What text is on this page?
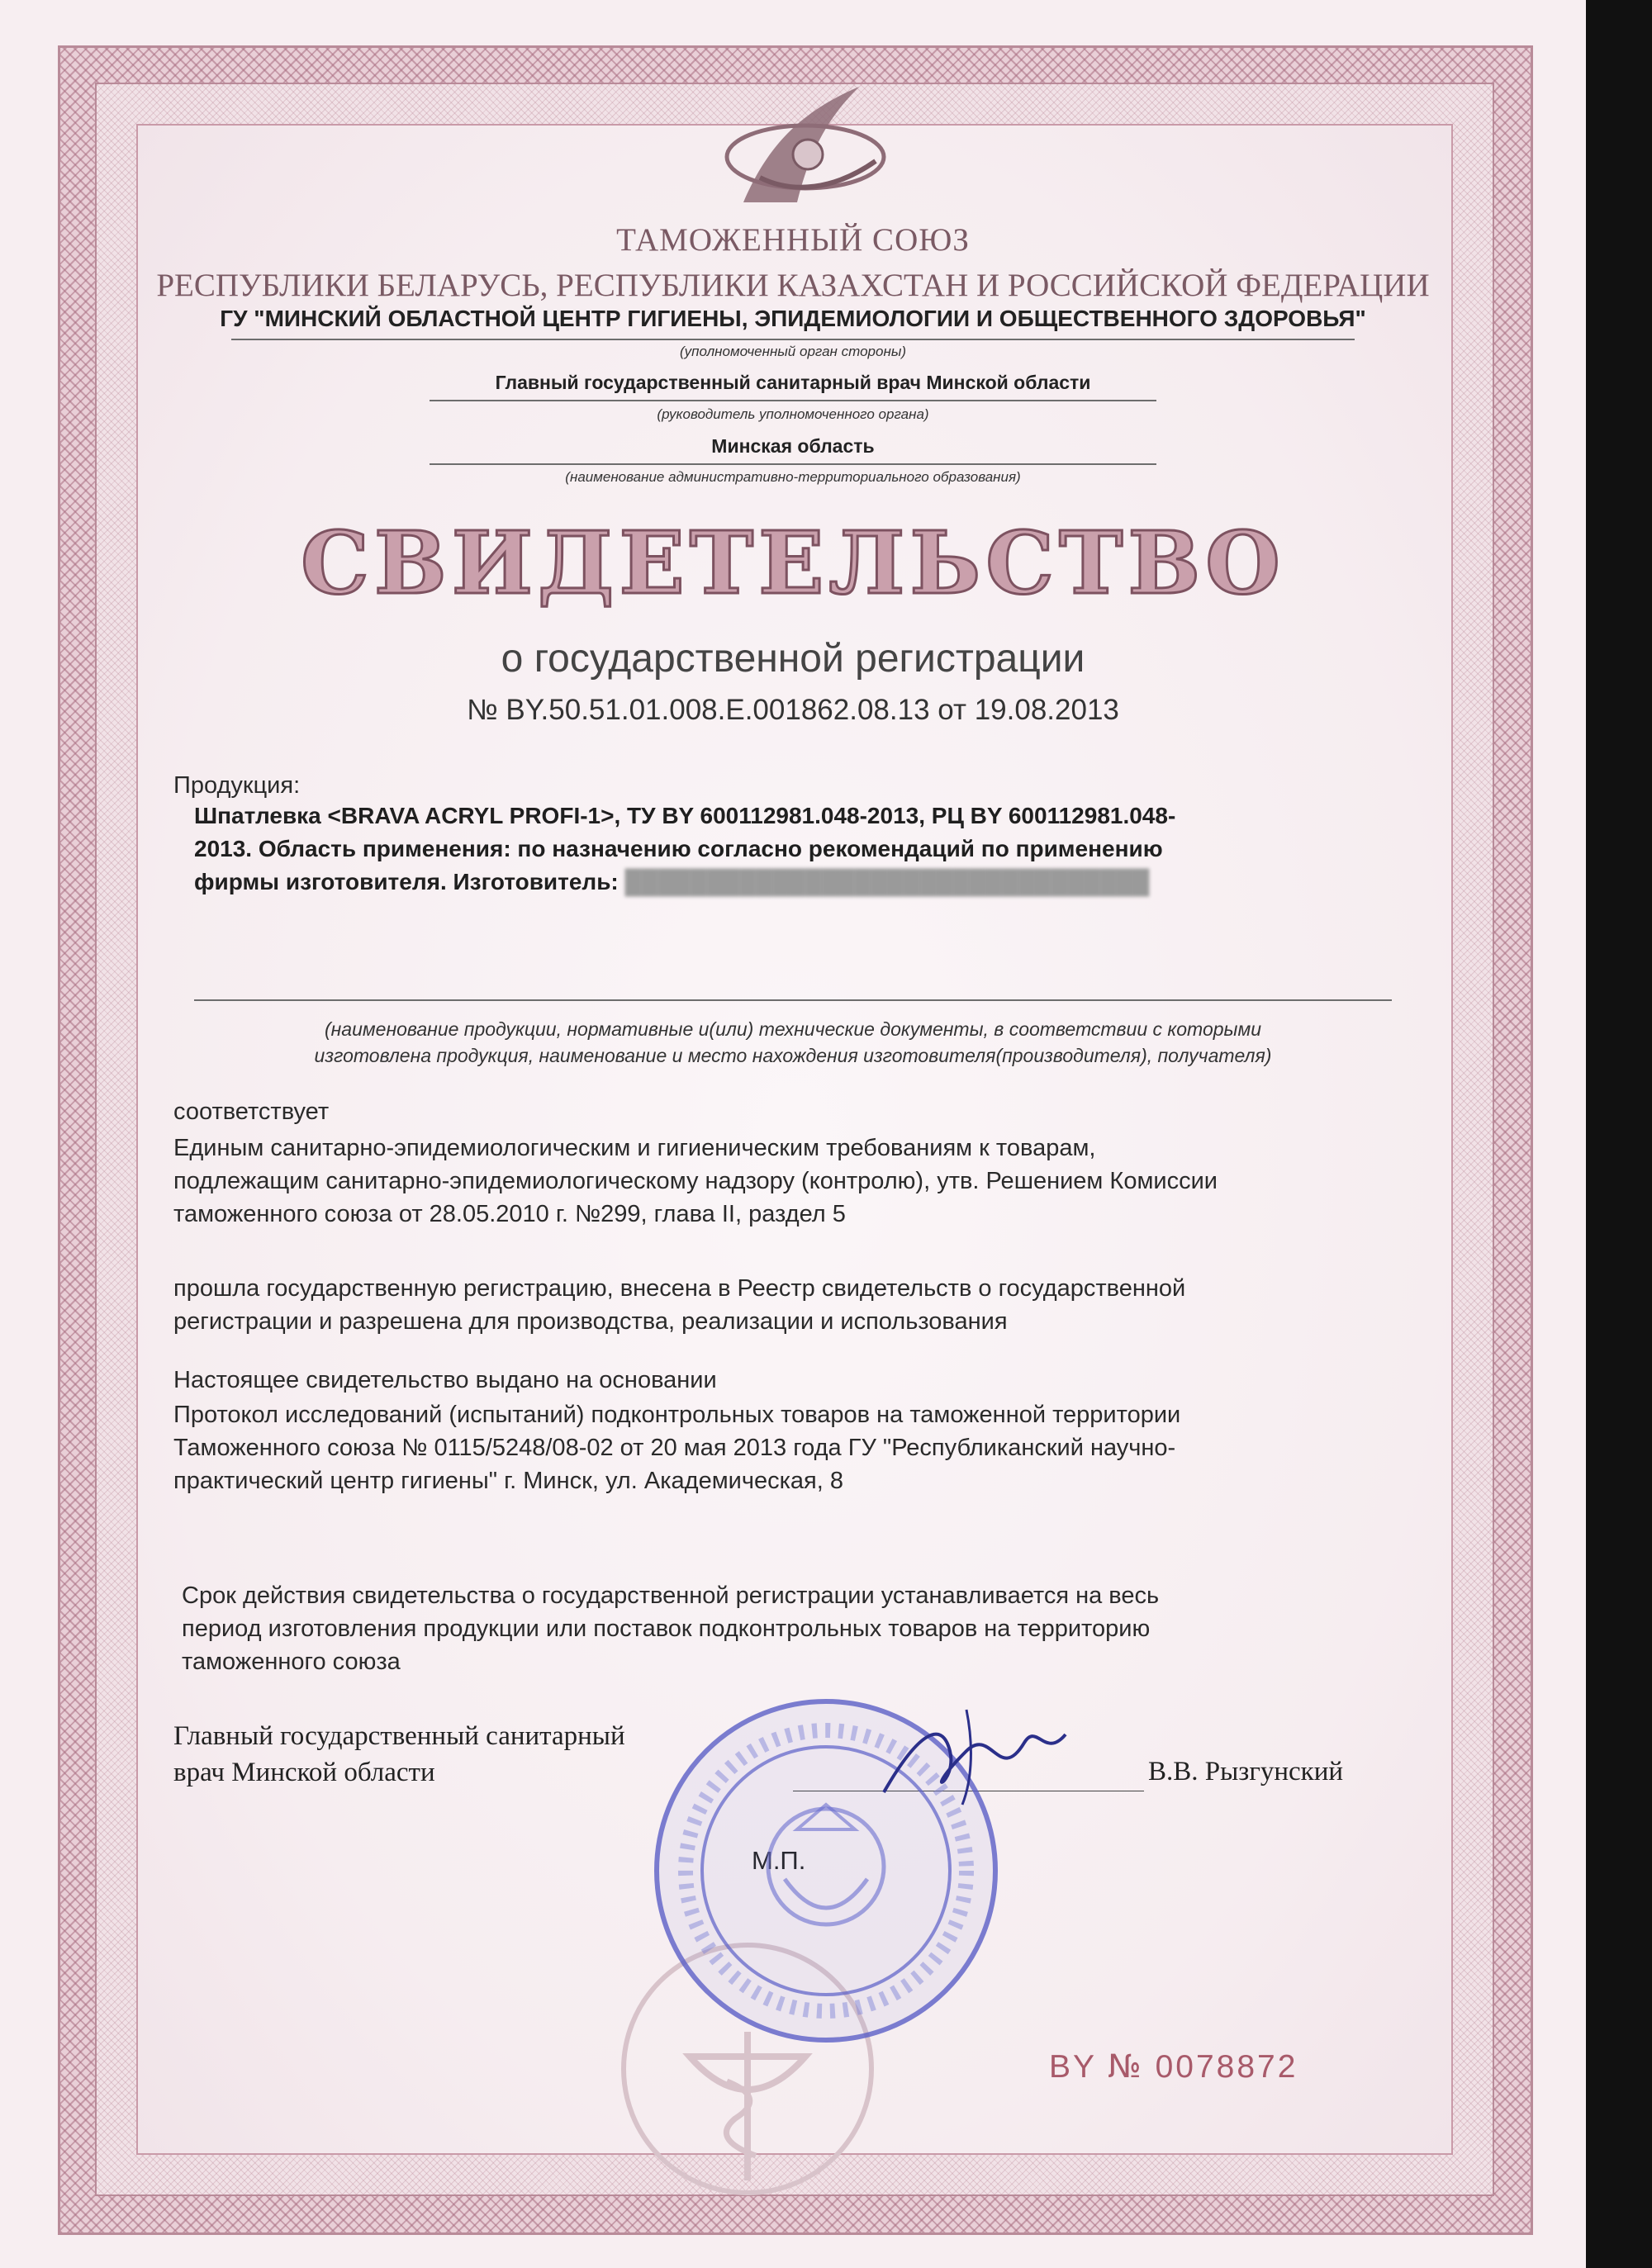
ТАМОЖЕННЫЙ СОЮЗ
РЕСПУБЛИКИ БЕЛАРУСЬ, РЕСПУБЛИКИ КАЗАХСТАН И РОССИЙСКОЙ ФЕДЕРАЦИИ
ГУ "МИНСКИЙ ОБЛАСТНОЙ ЦЕНТР ГИГИЕНЫ, ЭПИДЕМИОЛОГИИ И ОБЩЕСТВЕННОГО ЗДОРОВЬЯ"
(уполномоченный орган стороны)
Главный государственный санитарный врач Минской области
(руководитель уполномоченного органа)
Минская область
(наименование административно-территориального образования)
СВИДЕТЕЛЬСТВО
о государственной регистрации
№ BY.50.51.01.008.E.001862.08.13 от 19.08.2013
Продукция:
Шпатлевка <BRAVA ACRYL PROFI-1>, ТУ BY 600112981.048-2013, РЦ BY 600112981.048-
2013. Область применения: по назначению согласно рекомендаций по применению
фирмы изготовителя. Изготовитель: ████████████████████████████████
(наименование продукции, нормативные и(или) технические документы, в соответствии с которыми
изготовлена продукция, наименование и место нахождения изготовителя(производителя), получателя)
соответствует
Единым санитарно-эпидемиологическим и гигиеническим требованиям к товарам,
подлежащим санитарно-эпидемиологическому надзору (контролю), утв. Решением Комиссии
таможенного союза от 28.05.2010 г. №299, глава II, раздел 5
прошла государственную регистрацию, внесена в Реестр свидетельств о государственной
регистрации и разрешена для производства, реализации и использования
Настоящее свидетельство выдано на основании
Протокол исследований (испытаний) подконтрольных товаров на таможенной территории
Таможенного союза № 0115/5248/08-02 от 20 мая 2013 года ГУ "Республиканский научно-
практический центр гигиены" г. Минск, ул. Академическая, 8
Срок действия свидетельства о государственной регистрации устанавливается на весь
период изготовления продукции или поставок подконтрольных товаров на территорию
таможенного союза
Главный государственный санитарный
врач Минской области	В.В. Рызгунский
BY № 0078872
